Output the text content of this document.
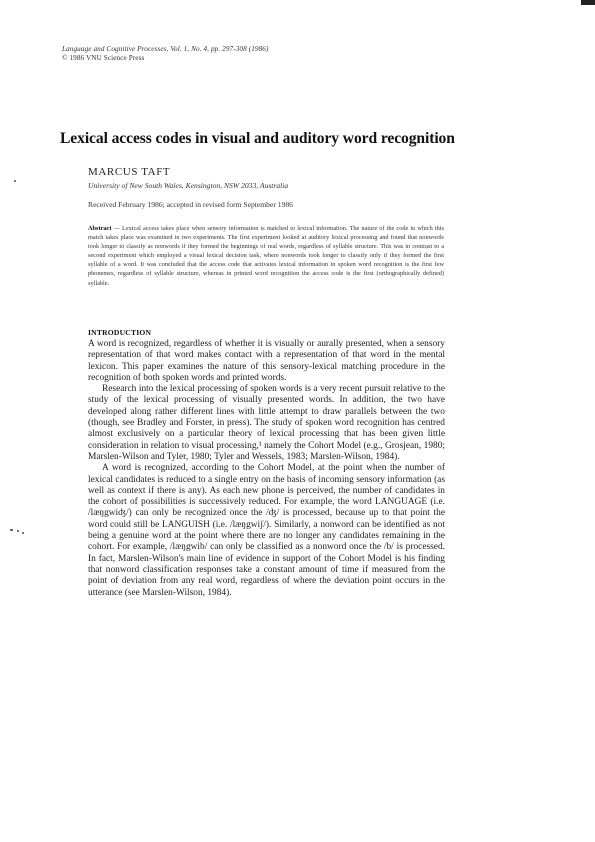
Language and Cognitive Processes, Vol. 1, No. 4, pp. 297-308 (1986)
© 1986 VNU Science Press
Lexical access codes in visual and auditory word recognition
MARCUS TAFT
University of New South Wales, Kensington, NSW 2033, Australia
Received February 1986; accepted in revised form September 1986
Abstract — Lexical access takes place when sensory information is matched to lexical information. The nature of the code in which this match takes place was examined in two experiments. The first experiment looked at auditory lexical processing and found that nonwords took longer to classify as nonwords if they formed the beginnings of real words, regardless of syllable structure. This was in contrast to a second experiment which employed a visual lexical decision task, where nonwords took longer to classify only if they formed the first syllable of a word. It was concluded that the access code that activates lexical information in spoken word recognition is the first few phonemes, regardless of syllable structure, whereas in printed word recognition the access code is the first (orthographically defined) syllable.
INTRODUCTION

A word is recognized, regardless of whether it is visually or aurally presented, when a sensory representation of that word makes contact with a representation of that word in the mental lexicon. This paper examines the nature of this sensory-lexical matching procedure in the recognition of both spoken words and printed words.

Research into the lexical processing of spoken words is a very recent pursuit relative to the study of the lexical processing of visually presented words. In addition, the two have developed along rather different lines with little attempt to draw parallels between the two (though, see Bradley and Forster, in press). The study of spoken word recognition has centred almost exclusively on a particular theory of lexical processing that has been given little consideration in relation to visual processing,¹ namely the Cohort Model (e.g., Grosjean, 1980; Marslen-Wilson and Tyler, 1980; Tyler and Wessels, 1983; Marslen-Wilson, 1984).

A word is recognized, according to the Cohort Model, at the point when the number of lexical candidates is reduced to a single entry on the basis of incoming sensory information (as well as context if there is any). As each new phone is perceived, the number of candidates in the cohort of possibilities is successively reduced. For example, the word LANGUAGE (i.e. /læŋgwiʤ/) can only be recognized once the /ʤ/ is processed, because up to that point the word could still be LANGUISH (i.e. /læŋgwiʃ/). Similarly, a nonword can be identified as not being a genuine word at the point where there are no longer any candidates remaining in the cohort. For example, /læŋgwib/ can only be classified as a nonword once the /b/ is processed. In fact, Marslen-Wilson's main line of evidence in support of the Cohort Model is his finding that nonword classification responses take a constant amount of time if measured from the point of deviation from any real word, regardless of where the deviation point occurs in the utterance (see Marslen-Wilson, 1984).
